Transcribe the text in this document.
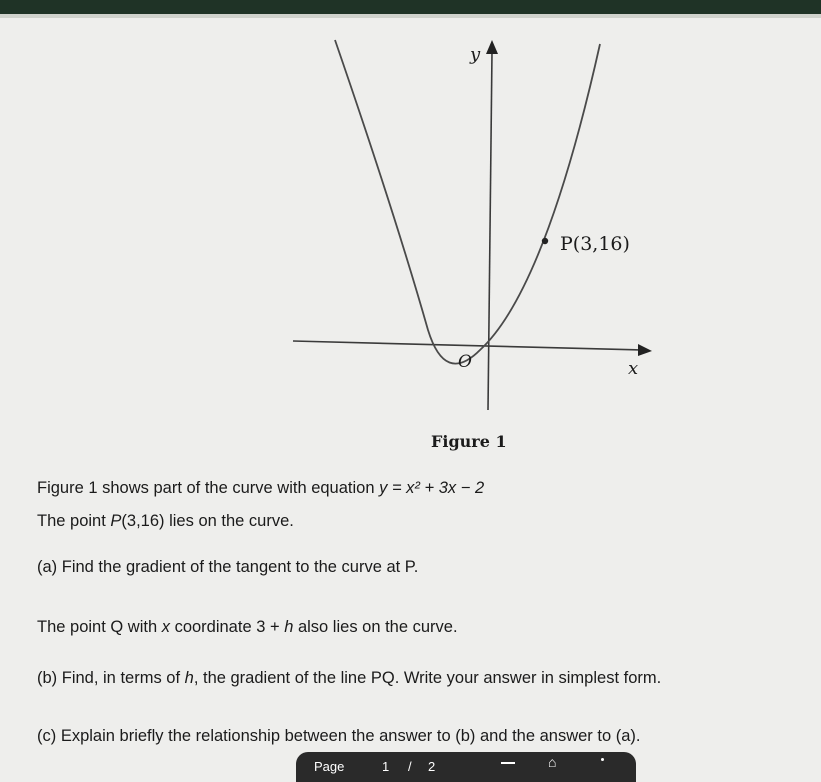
y
x
O
P(3,16)
Figure 1
Figure 1 shows part of the curve with equation y = x² + 3x − 2
The point P(3,16) lies on the curve.
(a) Find the gradient of the tangent to the curve at P.
The point Q with x coordinate 3 + h also lies on the curve.
(b) Find, in terms of h, the gradient of the line PQ. Write your answer in simplest form.
(c) Explain briefly the relationship between the answer to (b) and the answer to (a).
Page	1 / 2	⌂
